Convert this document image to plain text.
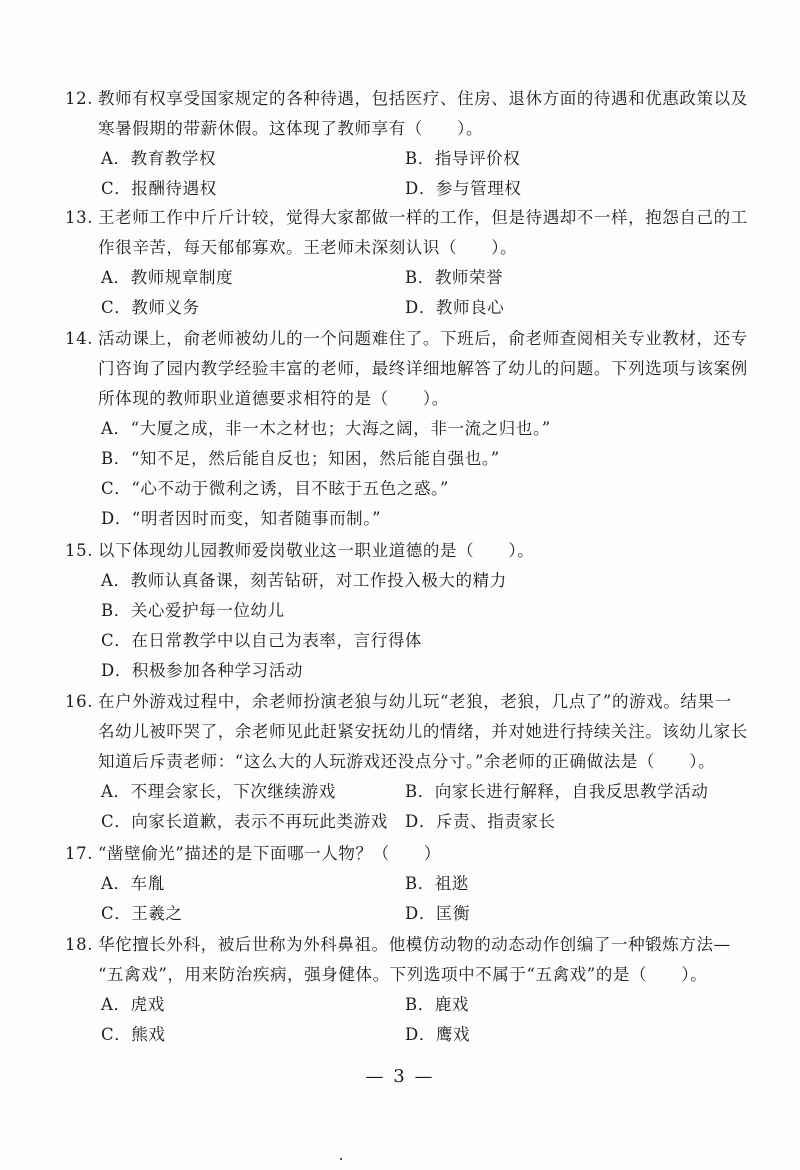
12. 教师有权享受国家规定的各种待遇，包括医疗、住房、退休方面的待遇和优惠政策以及
寒暑假期的带薪休假。这体现了教师享有（　　）。
A．教育教学权	B．指导评价权
C．报酬待遇权	D．参与管理权
13. 王老师工作中斤斤计较，觉得大家都做一样的工作，但是待遇却不一样，抱怨自己的工
作很辛苦，每天郁郁寡欢。王老师未深刻认识（　　）。
A．教师规章制度	B．教师荣誉
C．教师义务	D．教师良心
14. 活动课上，俞老师被幼儿的一个问题难住了。下班后，俞老师查阅相关专业教材，还专
门咨询了园内教学经验丰富的老师，最终详细地解答了幼儿的问题。下列选项与该案例
所体现的教师职业道德要求相符的是（　　）。
A．“大厦之成，非一木之材也；大海之阔，非一流之归也。”
B．“知不足，然后能自反也；知困，然后能自强也。”
C．“心不动于微利之诱，目不眩于五色之惑。”
D．“明者因时而变，知者随事而制。”
15. 以下体现幼儿园教师爱岗敬业这一职业道德的是（　　）。
A．教师认真备课，刻苦钻研，对工作投入极大的精力
B．关心爱护每一位幼儿
C．在日常教学中以自己为表率，言行得体
D．积极参加各种学习活动
16. 在户外游戏过程中，余老师扮演老狼与幼儿玩“老狼，老狼，几点了”的游戏。结果一
名幼儿被吓哭了，余老师见此赶紧安抚幼儿的情绪，并对她进行持续关注。该幼儿家长
知道后斥责老师：“这么大的人玩游戏还没点分寸。”余老师的正确做法是（　　）。
A．不理会家长，下次继续游戏	B．向家长进行解释，自我反思教学活动
C．向家长道歉，表示不再玩此类游戏 D．斥责、指责家长
17. “凿壁偷光”描述的是下面哪一人物？（　　）
A．车胤	B．祖逖
C．王羲之	D．匡衡
18. 华佗擅长外科，被后世称为外科鼻祖。他模仿动物的动态动作创编了一种锻炼方法—
“五禽戏”，用来防治疾病，强身健体。下列选项中不属于“五禽戏”的是（　　）。
A．虎戏	B．鹿戏
C．熊戏	D．鹰戏
— 3 —
